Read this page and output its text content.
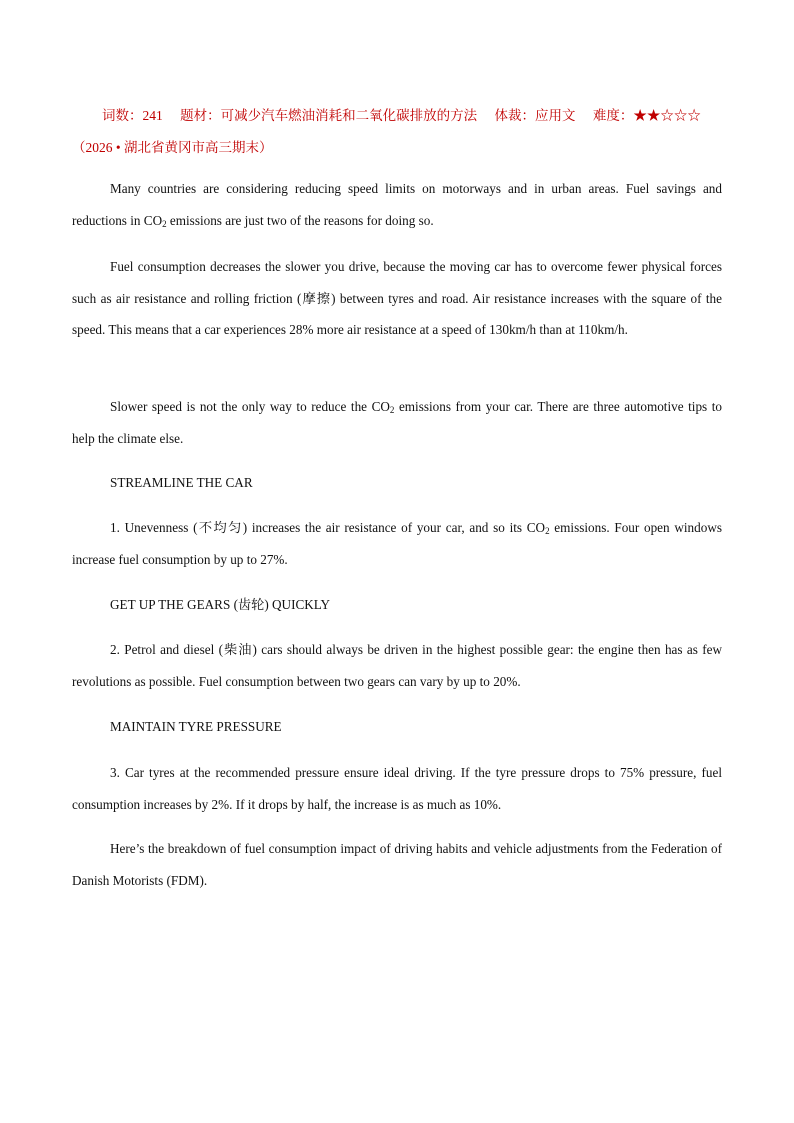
词数：241 题材：可减少汽车燃油消耗和二氧化碳排放的方法 体裁：应用文 难度：★★☆☆☆
（2026 • 湖北省黄冈市高三期末）

Many countries are considering reducing speed limits on motorways and in urban areas. Fuel savings and reductions in $CO_2$ emissions are just two of the reasons for doing so.

Fuel consumption decreases the slower you drive, because the moving car has to overcome fewer physical forces such as air resistance and rolling friction (摩擦) between tyres and road. Air resistance increases with the square of the speed. This means that a car experiences 28% more air resistance at a speed of 130km/h than at 110km/h.

Slower speed is not the only way to reduce the $CO_2$ emissions from your car. There are three automotive tips to help the climate else.

STREAMLINE THE CAR

1. Unevenness (不均匀) increases the air resistance of your car, and so its $CO_2$ emissions. Four open windows increase fuel consumption by up to 27%.

GET UP THE GEARS (齿轮) QUICKLY

2. Petrol and diesel (柴油) cars should always be driven in the highest possible gear: the engine then has as few revolutions as possible. Fuel consumption between two gears can vary by up to 20%.

MAINTAIN TYRE PRESSURE

3. Car tyres at the recommended pressure ensure ideal driving. If the tyre pressure drops to 75% pressure, fuel consumption increases by 2%. If it drops by half, the increase is as much as 10%.

Here’s the breakdown of fuel consumption impact of driving habits and vehicle adjustments from the Federation of Danish Motorists (FDM).
